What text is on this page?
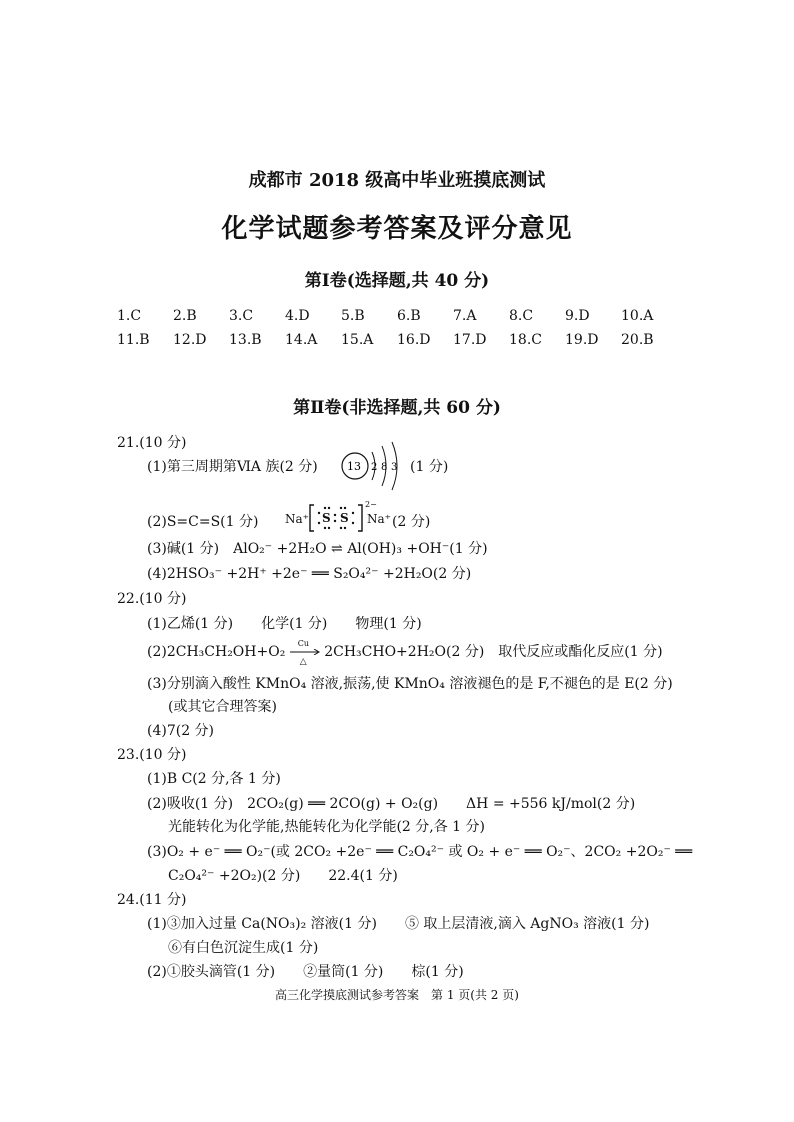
成都市 2018 级高中毕业班摸底测试
化学试题参考答案及评分意见
第Ⅰ卷(选择题,共 40 分)
1.C 2.B 3.C 4.D 5.B 6.B 7.A 8.C 9.D 10.A
11.B 12.D 13.B 14.A 15.A 16.D 17.D 18.C 19.D 20.B
第Ⅱ卷(非选择题,共 60 分)
21.(10 分)
(1)第三周期第ⅥA 族(2 分)	13 2 8 3 (1 分)
(2)S=C=S(1 分) Na⁺ S S
2−
Na⁺ (2 分)
(3)碱(1 分)　AlO₂⁻ +2H₂O ⇌ Al(OH)₃ +OH⁻(1 分)
(4)2HSO₃⁻ +2H⁺ +2e⁻ ══ S₂O₄²⁻ +2H₂O(2 分)
22.(10 分)
(1)乙烯(1 分)　　化学(1 分)　　物理(1 分)
(2)2CH₃CH₂OH+O₂
Cu
△
2CH₃CHO+2H₂O(2 分)　取代反应或酯化反应(1 分)
(3)分别滴入酸性 KMnO₄ 溶液,振荡,使 KMnO₄ 溶液褪色的是 F,不褪色的是 E(2 分)
(或其它合理答案)
(4)7(2 分)
23.(10 分)
(1)B C(2 分,各 1 分)
(2)吸收(1 分)　2CO₂(g) ══ 2CO(g) + O₂(g)　　ΔH = +556 kJ/mol(2 分)
光能转化为化学能,热能转化为化学能(2 分,各 1 分)
(3)O₂ + e⁻ ══ O₂⁻(或 2CO₂ +2e⁻ ══ C₂O₄²⁻ 或 O₂ + e⁻ ══ O₂⁻、2CO₂ +2O₂⁻ ══
C₂O₄²⁻ +2O₂)(2 分)　　22.4(1 分)
24.(11 分)
(1)③加入过量 Ca(NO₃)₂ 溶液(1 分)　　⑤ 取上层清液,滴入 AgNO₃ 溶液(1 分)
⑥有白色沉淀生成(1 分)
(2)①胶头滴管(1 分)　　②量筒(1 分)　　棕(1 分)
高三化学摸底测试参考答案　第 1 页(共 2 页)
